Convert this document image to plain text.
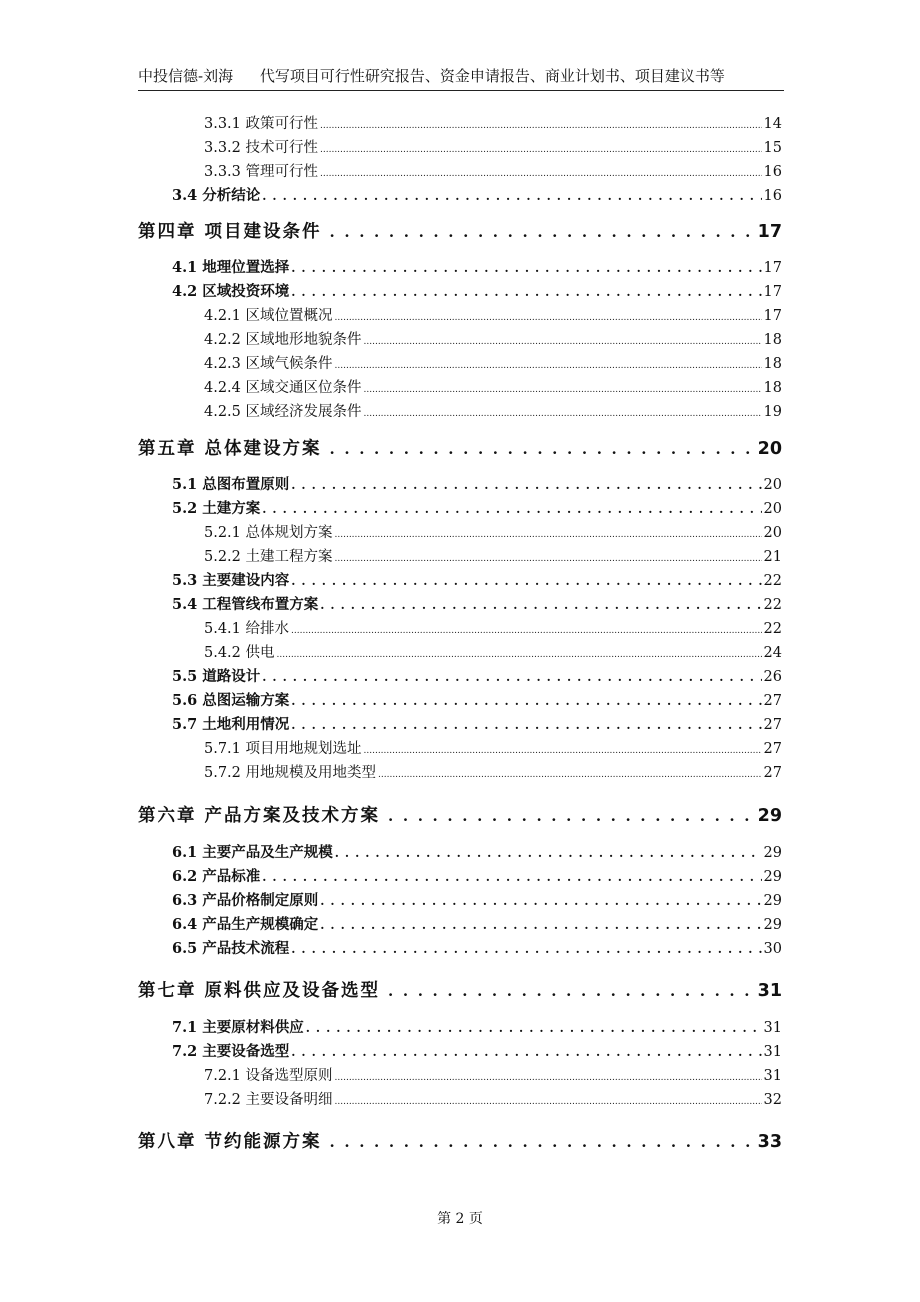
中投信德-刘海 代写项目可行性研究报告、资金申请报告、商业计划书、项目建议书等
3.3.1 政策可行性 .....	14
3.3.2 技术可行性 .....	15
3.3.3 管理可行性 .....	16
3.4 分析结论 . . .	16
第四章 项目建设条件 . . .	17
4.1 地理位置选择 . . .	17
4.2 区域投资环境 . . .	17
4.2.1 区域位置概况 .....	17
4.2.2 区域地形地貌条件 .....	18
4.2.3 区域气候条件 .....	18
4.2.4 区域交通区位条件 .....	18
4.2.5 区域经济发展条件 .....	19
第五章 总体建设方案 . . .	20
5.1 总图布置原则 . . .	20
5.2 土建方案 . . .	20
5.2.1 总体规划方案 .....	20
5.2.2 土建工程方案 .....	21
5.3 主要建设内容 . . .	22
5.4 工程管线布置方案 . . .	22
5.4.1 给排水 .....	22
5.4.2 供电 .....	24
5.5 道路设计 . . .	26
5.6 总图运输方案 . . .	27
5.7 土地利用情况 . . .	27
5.7.1 项目用地规划选址 .....	27
5.7.2 用地规模及用地类型 .....	27
第六章 产品方案及技术方案 . . .	29
6.1 主要产品及生产规模 . . .	29
6.2 产品标准 . . .	29
6.3 产品价格制定原则 . . .	29
6.4 产品生产规模确定 . . .	29
6.5 产品技术流程 . . .	30
第七章 原料供应及设备选型 . . .	31
7.1 主要原材料供应 . . .	31
7.2 主要设备选型 . . .	31
7.2.1 设备选型原则 .....	31
7.2.2 主要设备明细 .....	32
第八章 节约能源方案 . . .	33
第 2 页
